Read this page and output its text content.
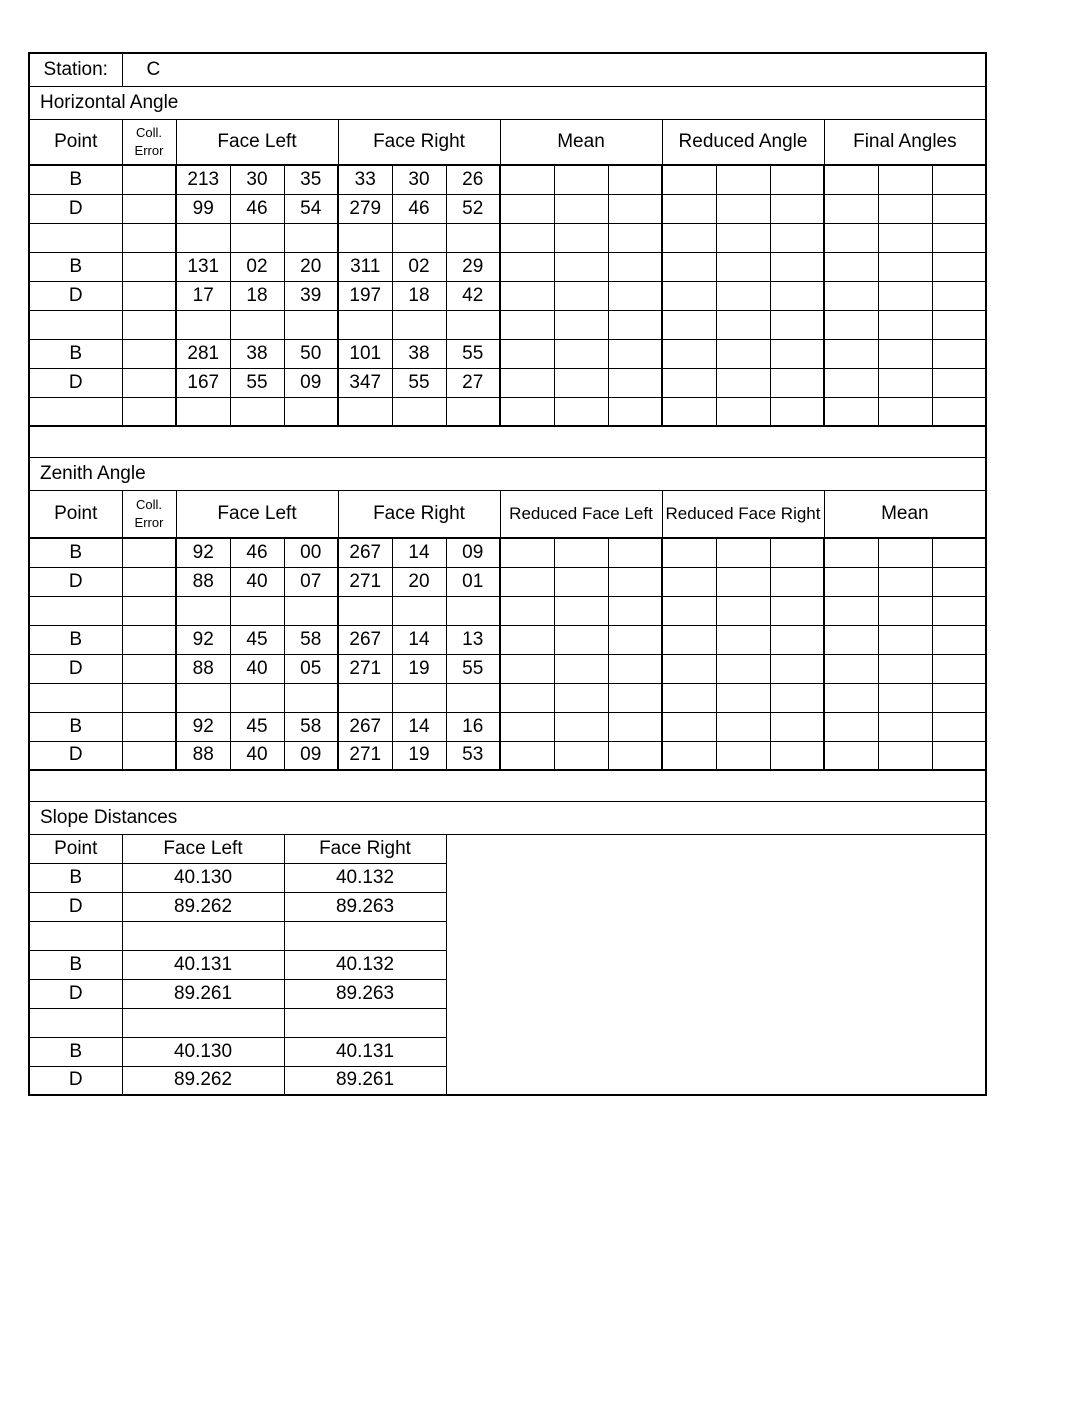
Station:	C															
Horizontal Angle																
Point	Coll. Error	Face Left			Face Right			Mean			Reduced Angle			Final Angles		
B		213	30	35	33	30	26									
D		99	46	54	279	46	52									

B		131	02	20	311	02	29									
D		17	18	39	197	18	42									

B		281	38	50	101	38	55									
D		167	55	09	347	55	27									

Zenith Angle																
Point	Coll. Error	Face Left			Face Right			Reduced Face Left			Reduced Face Right			Mean		
B		92	46	00	267	14	09									
D		88	40	07	271	20	01									

B		92	45	58	267	14	13									
D		88	40	05	271	19	55									

B		92	45	58	267	14	16									
D		88	40	09	271	19	53									

Slope Distances																
Point	Face Left			Face Right												
B	40.130			40.132												
D	89.262			89.263												

B	40.131			40.132												
D	89.261			89.263												

B	40.130			40.131												
D	89.262			89.261												
